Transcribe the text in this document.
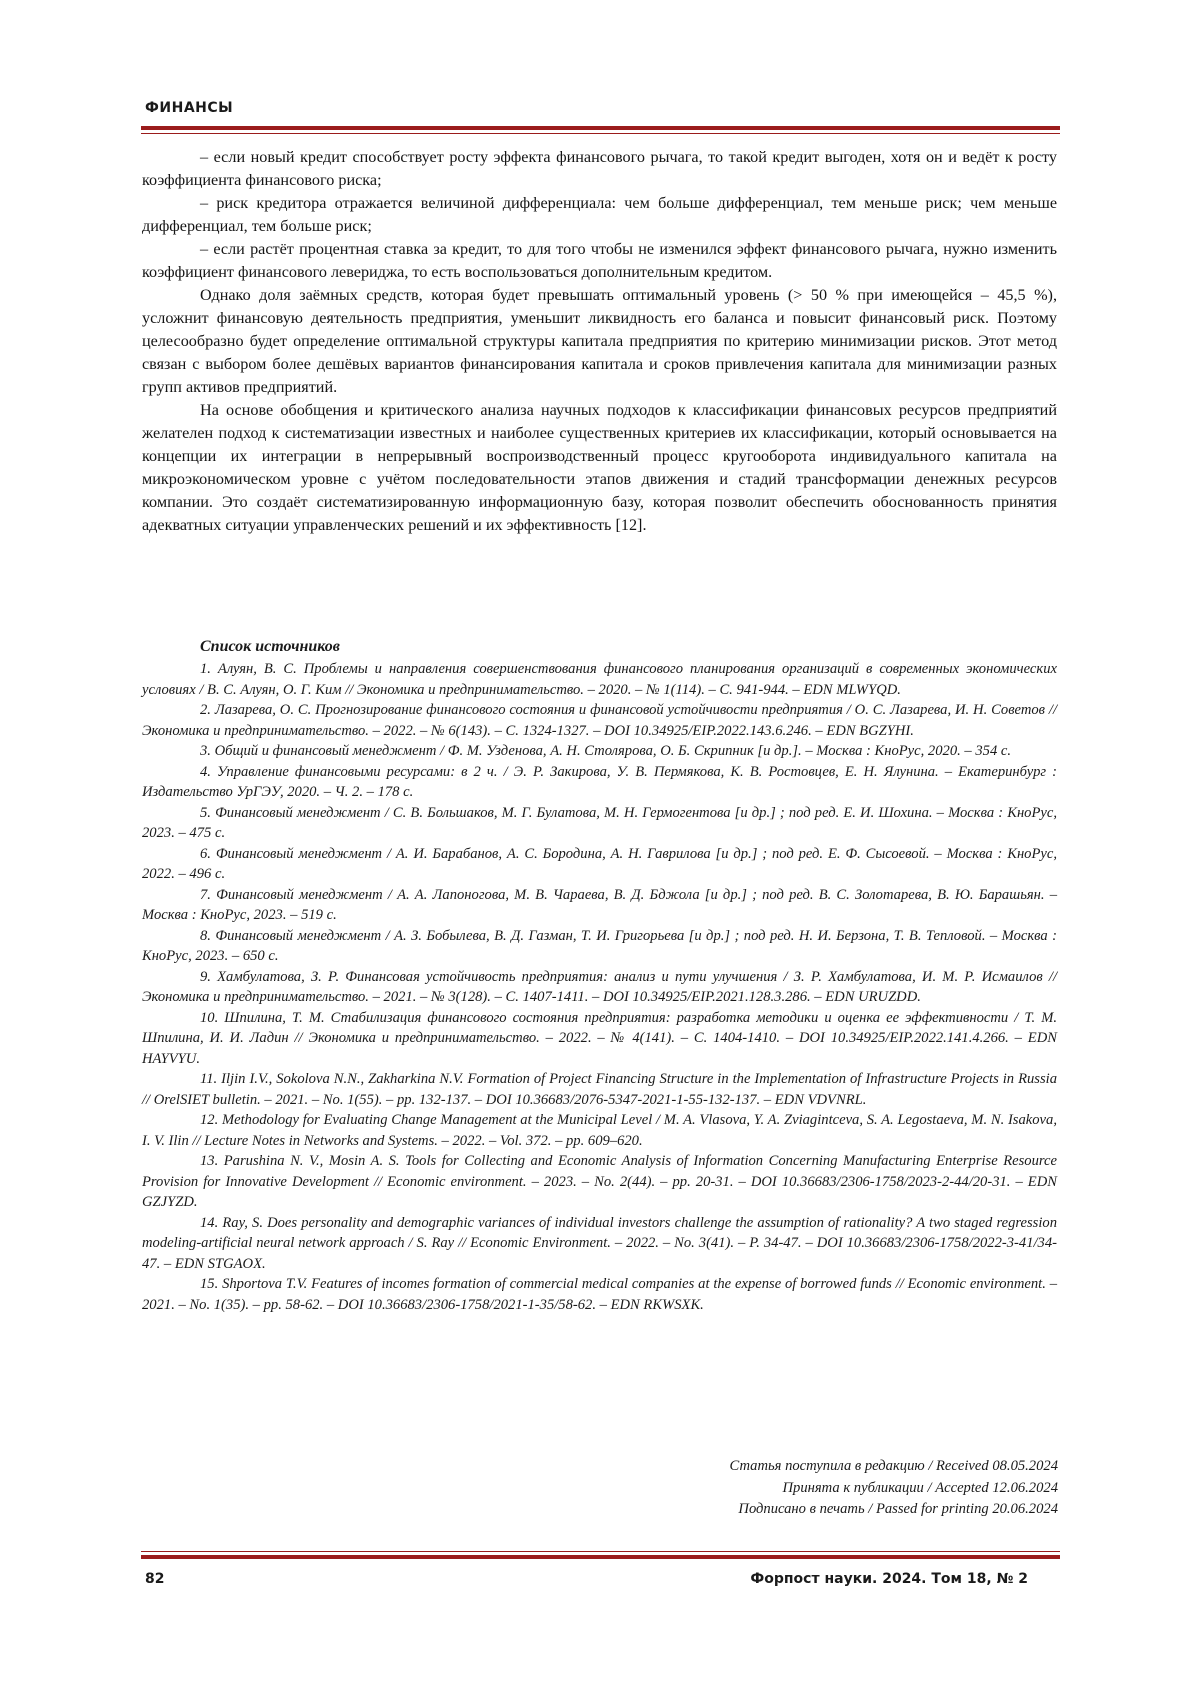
ФИНАНСЫ

– если новый кредит способствует росту эффекта финансового рычага, то такой кредит выгоден, хотя он и ведёт к росту коэффициента финансового риска;

– риск кредитора отражается величиной дифференциала: чем больше дифференциал, тем меньше риск; чем меньше дифференциал, тем больше риск;

– если растёт процентная ставка за кредит, то для того чтобы не изменился эффект финансового рычага, нужно изменить коэффициент финансового левериджа, то есть воспользоваться дополнительным кредитом.

Однако доля заёмных средств, которая будет превышать оптимальный уровень (> 50 % при имеющейся – 45,5 %), усложнит финансовую деятельность предприятия, уменьшит ликвидность его баланса и повысит финансовый риск. Поэтому целесообразно будет определение оптимальной структуры капитала предприятия по критерию минимизации рисков. Этот метод связан с выбором более дешёвых вариантов финансирования капитала и сроков привлечения капитала для минимизации разных групп активов предприятий.

На основе обобщения и критического анализа научных подходов к классификации финансовых ресурсов предприятий желателен подход к систематизации известных и наиболее существенных критериев их классификации, который основывается на концепции их интеграции в непрерывный воспроизводственный процесс кругооборота индивидуального капитала на микроэкономическом уровне с учётом последовательности этапов движения и стадий трансформации денежных ресурсов компании. Это создаёт систематизированную информационную базу, которая позволит обеспечить обоснованность принятия адекватных ситуации управленческих решений и их эффективность [12].

Список источников

1. Алуян, В. С. Проблемы и направления совершенствования финансового планирования организаций в современных экономических условиях / В. С. Алуян, О. Г. Ким // Экономика и предпринимательство. – 2020. – № 1(114). – С. 941-944. – EDN MLWYQD.

2. Лазарева, О. С. Прогнозирование финансового состояния и финансовой устойчивости предприятия / О. С. Лазарева, И. Н. Советов // Экономика и предпринимательство. – 2022. – № 6(143). – С. 1324-1327. – DOI 10.34925/EIP.2022.143.6.246. – EDN BGZYHI.

3. Общий и финансовый менеджмент / Ф. М. Узденова, А. Н. Столярова, О. Б. Скрипник [и др.]. – Москва : КноРус, 2020. – 354 с.

4. Управление финансовыми ресурсами: в 2 ч. / Э. Р. Закирова, У. В. Пермякова, К. В. Ростовцев, Е. Н. Ялунина. – Екатеринбург : Издательство УрГЭУ, 2020. – Ч. 2. – 178 с.

5. Финансовый менеджмент / С. В. Большаков, М. Г. Булатова, М. Н. Гермогентова [и др.] ; под ред. Е. И. Шохина. – Москва : КноРус, 2023. – 475 с.

6. Финансовый менеджмент / А. И. Барабанов, А. С. Бородина, А. Н. Гаврилова [и др.] ; под ред. Е. Ф. Сысоевой. – Москва : КноРус, 2022. – 496 с.

7. Финансовый менеджмент / А. А. Лапоногова, М. В. Чараева, В. Д. Бджола [и др.] ; под ред. В. С. Золотарева, В. Ю. Барашьян. – Москва : КноРус, 2023. – 519 с.

8. Финансовый менеджмент / А. З. Бобылева, В. Д. Газман, Т. И. Григорьева [и др.] ; под ред. Н. И. Берзона, Т. В. Тепловой. – Москва : КноРус, 2023. – 650 с.

9. Хамбулатова, З. Р. Финансовая устойчивость предприятия: анализ и пути улучшения / З. Р. Хамбулатова, И. М. Р. Исмаилов // Экономика и предпринимательство. – 2021. – № 3(128). – С. 1407-1411. – DOI 10.34925/EIP.2021.128.3.286. – EDN URUZDD.

10. Шпилина, Т. М. Стабилизация финансового состояния предприятия: разработка методики и оценка ее эффективности / Т. М. Шпилина, И. И. Ладин // Экономика и предпринимательство. – 2022. – № 4(141). – С. 1404-1410. – DOI 10.34925/EIP.2022.141.4.266. – EDN HAYVYU.

11. Iljin I.V., Sokolova N.N., Zakharkina N.V. Formation of Project Financing Structure in the Implementation of Infrastructure Projects in Russia // OrelSIET bulletin. – 2021. – No. 1(55). – pp. 132-137. – DOI 10.36683/2076-5347-2021-1-55-132-137. – EDN VDVNRL.

12. Methodology for Evaluating Change Management at the Municipal Level / M. A. Vlasova, Y. A. Zviagintceva, S. A. Legostaeva, M. N. Isakova, I. V. Ilin // Lecture Notes in Networks and Systems. – 2022. – Vol. 372. – pp. 609–620.

13. Parushina N. V., Mosin A. S. Tools for Collecting and Economic Analysis of Information Concerning Manufacturing Enterprise Resource Provision for Innovative Development // Economic environment. – 2023. – No. 2(44). – pp. 20-31. – DOI 10.36683/2306-1758/2023-2-44/20-31. – EDN GZJYZD.

14. Ray, S. Does personality and demographic variances of individual investors challenge the assumption of rationality? A two staged regression modeling-artificial neural network approach / S. Ray // Economic Environment. – 2022. – No. 3(41). – P. 34-47. – DOI 10.36683/2306-1758/2022-3-41/34-47. – EDN STGAOX.

15. Shportova T.V. Features of incomes formation of commercial medical companies at the expense of borrowed funds // Economic environment. – 2021. – No. 1(35). – pp. 58-62. – DOI 10.36683/2306-1758/2021-1-35/58-62. – EDN RKWSXK.

Статья поступила в редакцию / Received 08.05.2024
Принята к публикации / Accepted 12.06.2024
Подписано в печать / Passed for printing 20.06.2024
82	Форпост науки. 2024. Том 18, № 2
